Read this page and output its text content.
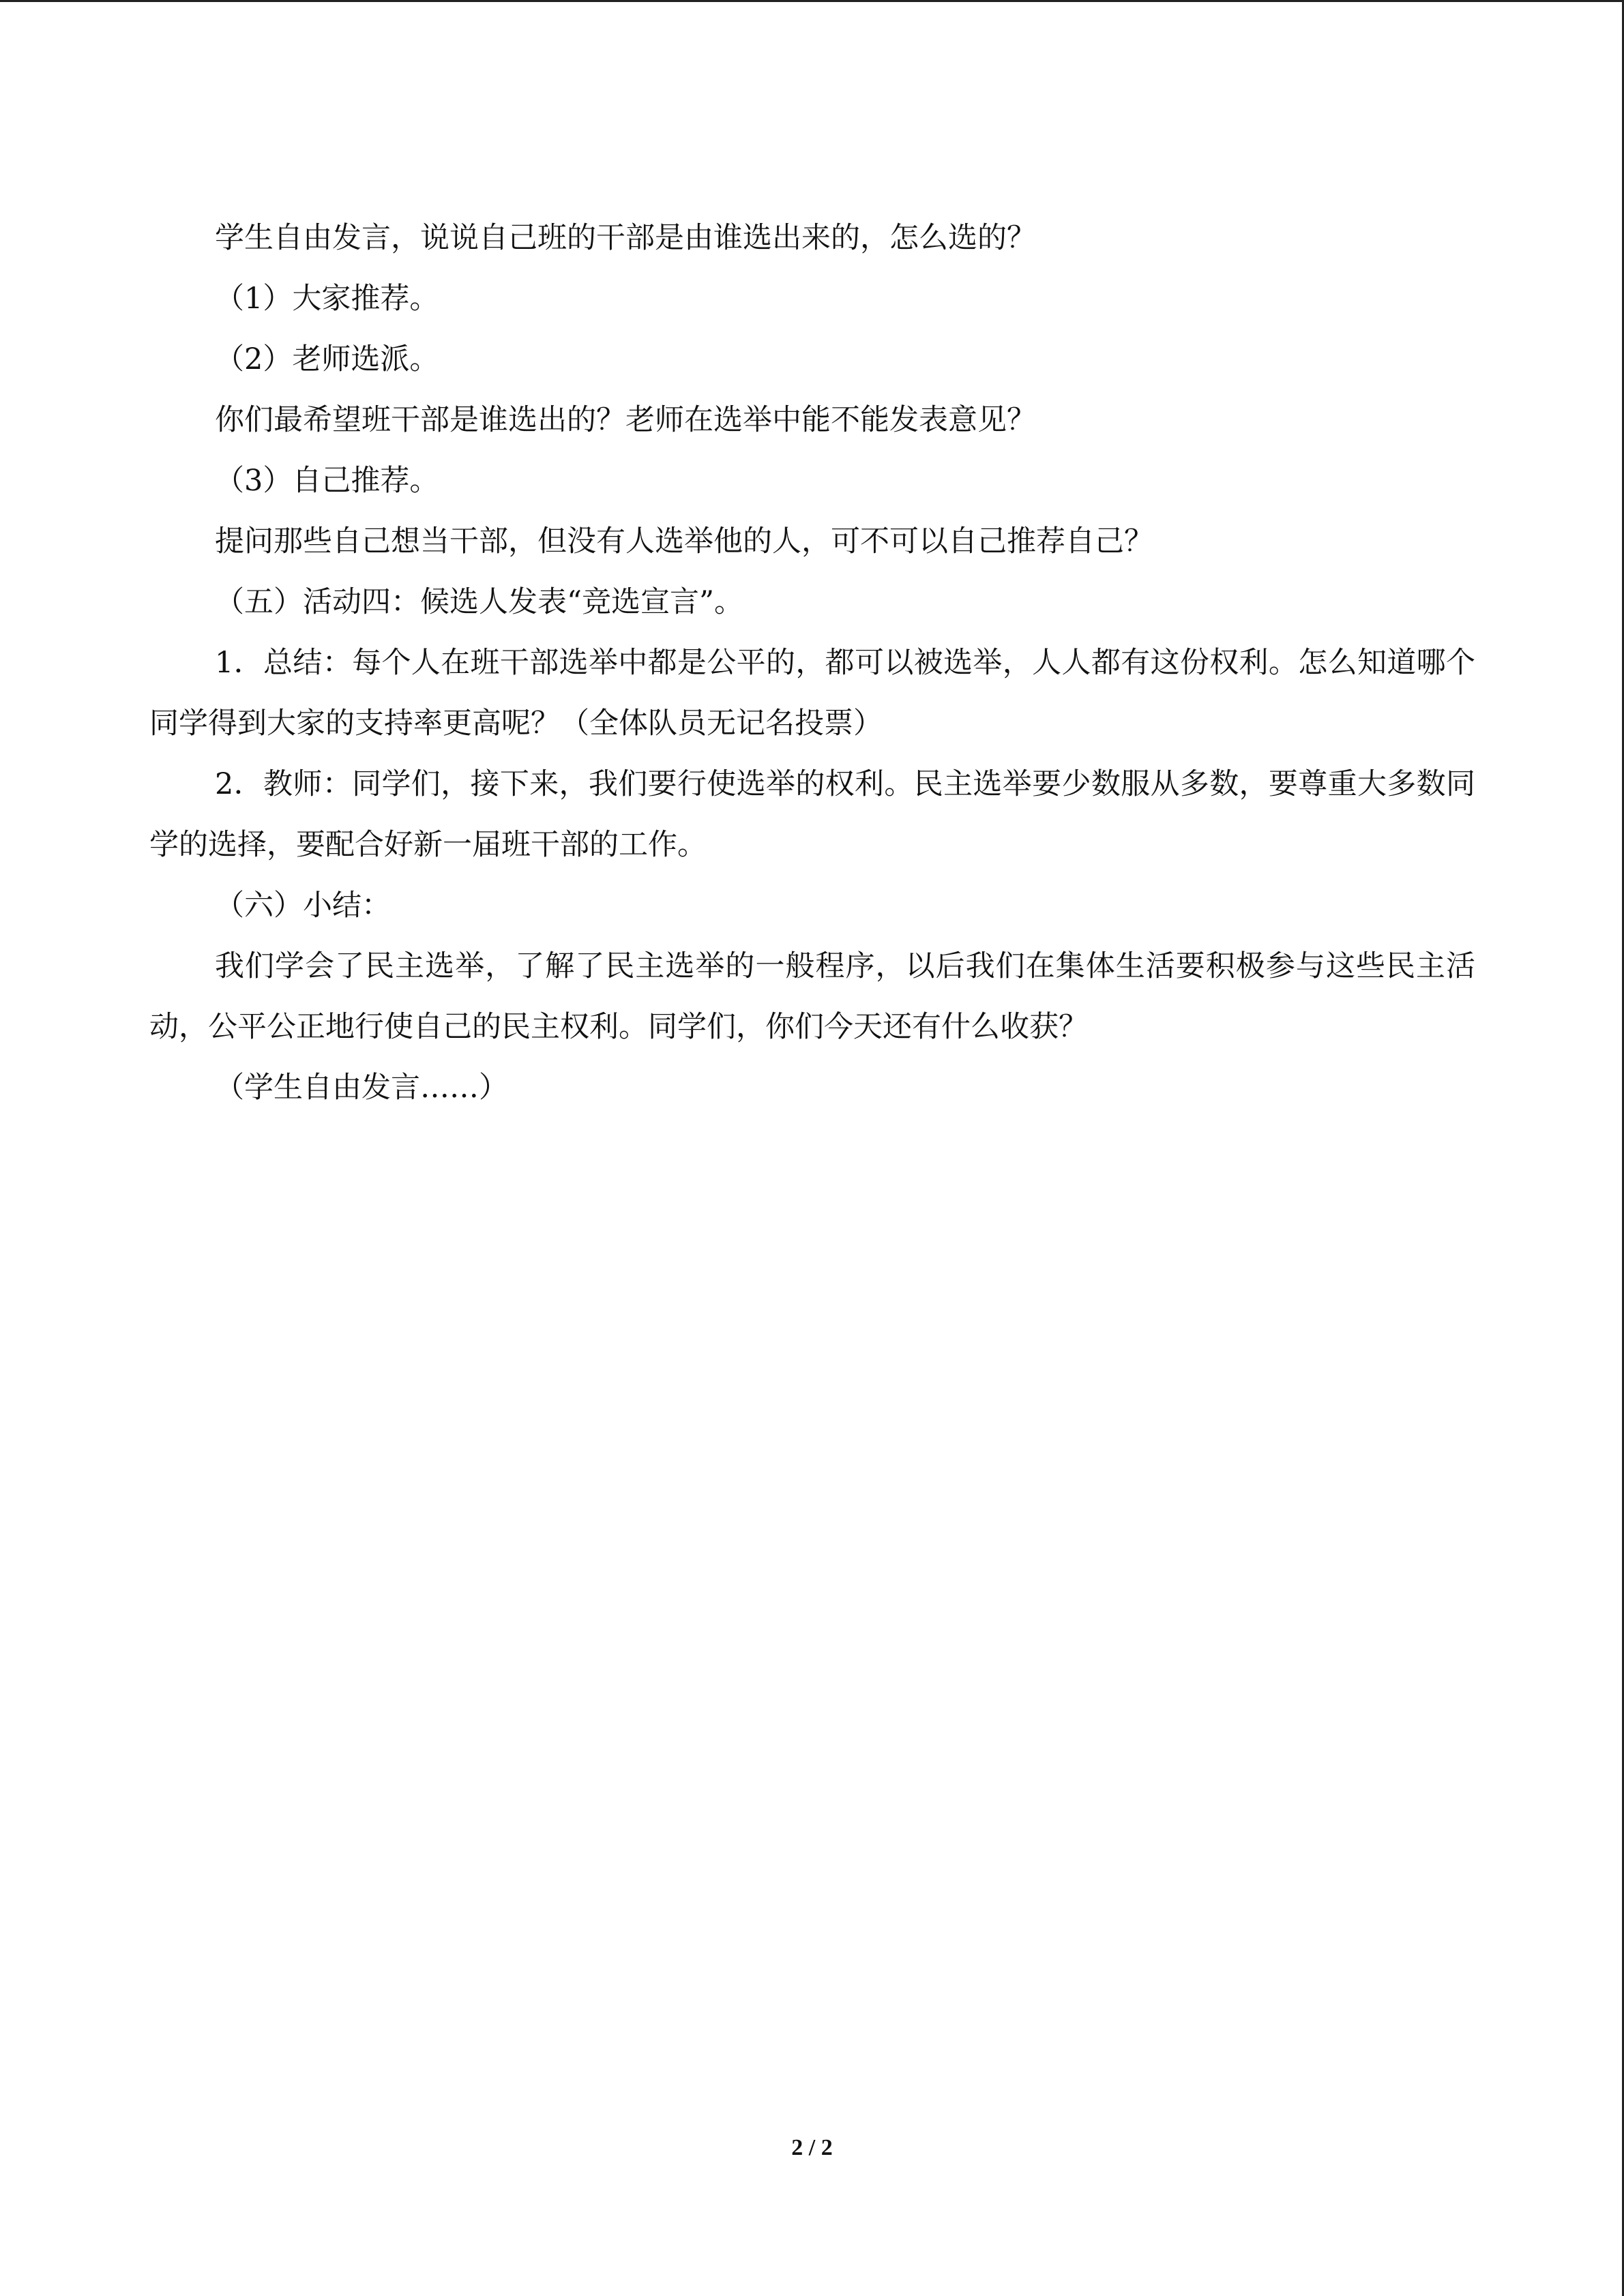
学生自由发言，说说自己班的干部是由谁选出来的，怎么选的？

（1）大家推荐。

（2）老师选派。

你们最希望班干部是谁选出的？老师在选举中能不能发表意见？

（3）自己推荐。

提问那些自己想当干部，但没有人选举他的人，可不可以自己推荐自己？

（五）活动四：候选人发表“竞选宣言”。

1．总结：每个人在班干部选举中都是公平的，都可以被选举，人人都有这份权利。怎么知道哪个同学得到大家的支持率更高呢？（全体队员无记名投票）

2．教师：同学们，接下来，我们要行使选举的权利。民主选举要少数服从多数，要尊重大多数同学的选择，要配合好新一届班干部的工作。

（六）小结：

我们学会了民主选举，了解了民主选举的一般程序，以后我们在集体生活要积极参与这些民主活动，公平公正地行使自己的民主权利。同学们，你们今天还有什么收获？

（学生自由发言……）

2 / 2
